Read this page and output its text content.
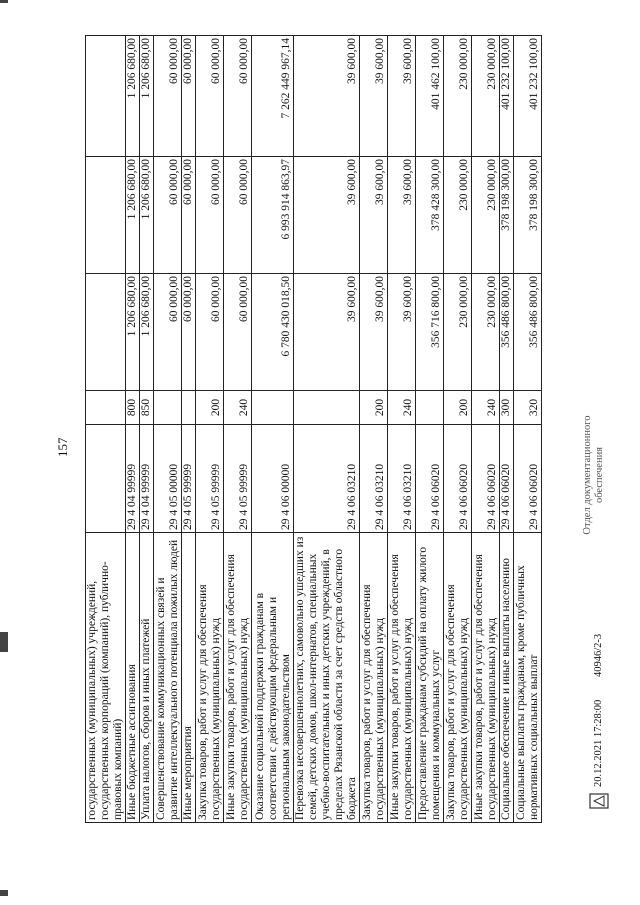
157
государственных (муниципальных) учреждений, государственных корпораций (компаний), публично-правовых компаний)					
Иные бюджетные ассигнования	29 4 04 99999	800	1 206 680,00	1 206 680,00	1 206 680,00
Уплата налогов, сборов и иных платежей	29 4 04 99999	850	1 206 680,00	1 206 680,00	1 206 680,00
Совершенствование коммуникационных связей и развитие интеллектуального потенциала пожилых людей	29 4 05 00000		60 000,00	60 000,00	60 000,00
Иные мероприятия	29 4 05 99999		60 000,00	60 000,00	60 000,00
Закупка товаров, работ и услуг для обеспечения государственных (муниципальных) нужд	29 4 05 99999	200	60 000,00	60 000,00	60 000,00
Иные закупки товаров, работ и услуг для обеспечения государственных (муниципальных) нужд	29 4 05 99999	240	60 000,00	60 000,00	60 000,00
Оказание социальной поддержки гражданам в соответствии с действующим федеральным и региональным законодательством	29 4 06 00000		6 780 430 018,50	6 993 914 863,97	7 262 449 967,14
Перевозка несовершеннолетних, самовольно ушедших из семей, детских домов, школ-интернатов, специальных учебно-воспитательных и иных детских учреждений, в пределах Рязанской области за счет средств областного бюджета	29 4 06 03210		39 600,00	39 600,00	39 600,00
Закупка товаров, работ и услуг для обеспечения государственных (муниципальных) нужд	29 4 06 03210	200	39 600,00	39 600,00	39 600,00
Иные закупки товаров, работ и услуг для обеспечения государственных (муниципальных) нужд	29 4 06 03210	240	39 600,00	39 600,00	39 600,00
Предоставление гражданам субсидий на оплату жилого помещения и коммунальных услуг	29 4 06 06020		356 716 800,00	378 428 300,00	401 462 100,00
Закупка товаров, работ и услуг для обеспечения государственных (муниципальных) нужд	29 4 06 06020	200	230 000,00	230 000,00	230 000,00
Иные закупки товаров, работ и услуг для обеспечения государственных (муниципальных) нужд	29 4 06 06020	240	230 000,00	230 000,00	230 000,00
Социальное обеспечение и иные выплаты населению	29 4 06 06020	300	356 486 800,00	378 198 300,00	401 232 100,00
Социальные выплаты гражданам, кроме публичных нормативных социальных выплат	29 4 06 06020	320	356 486 800,00	378 198 300,00	401 232 100,00
20.12.2021 17:28:00
40946/2-3
Отдел документационного обеспечения
